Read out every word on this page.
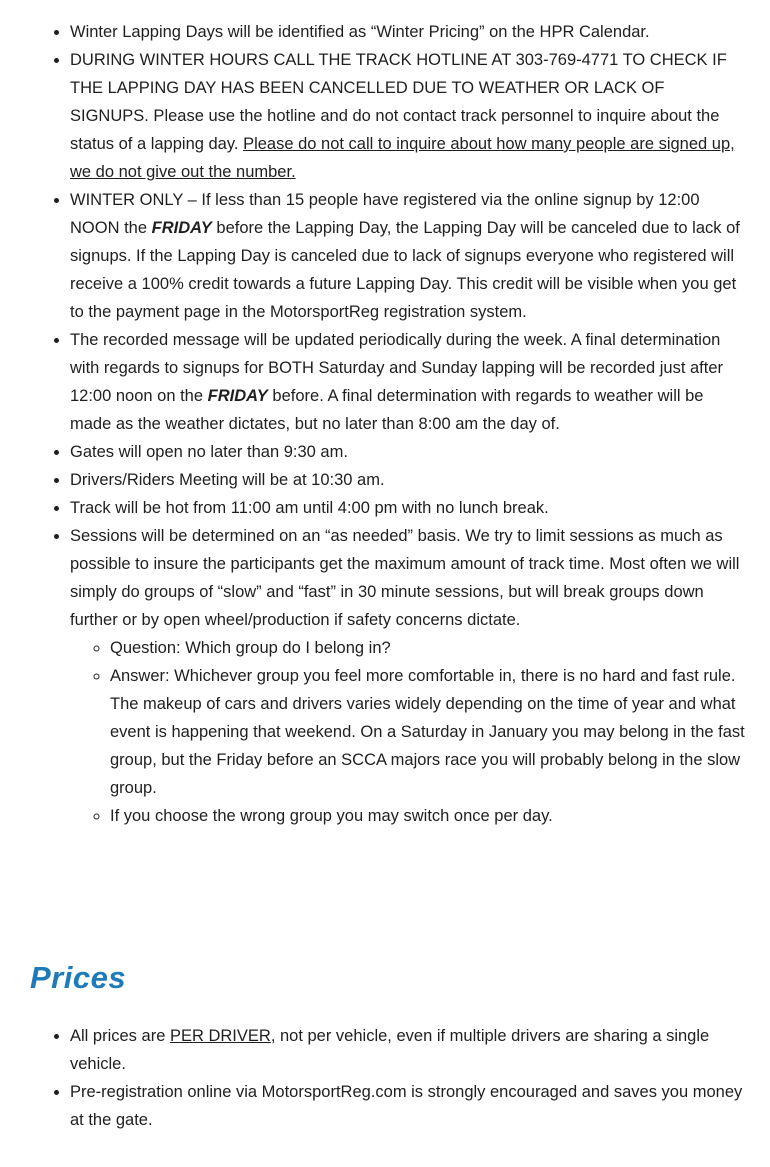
• Winter Lapping Days will be identified as “Winter Pricing” on the HPR Calendar.
• DURING WINTER HOURS CALL THE TRACK HOTLINE AT 303-769-4771 TO CHECK IF THE LAPPING DAY HAS BEEN CANCELLED DUE TO WEATHER OR LACK OF SIGNUPS. Please use the hotline and do not contact track personnel to inquire about the status of a lapping day. Please do not call to inquire about how many people are signed up, we do not give out the number.
• WINTER ONLY – If less than 15 people have registered via the online signup by 12:00 NOON the FRIDAY before the Lapping Day, the Lapping Day will be canceled due to lack of signups. If the Lapping Day is canceled due to lack of signups everyone who registered will receive a 100% credit towards a future Lapping Day. This credit will be visible when you get to the payment page in the MotorsportReg registration system.
• The recorded message will be updated periodically during the week. A final determination with regards to signups for BOTH Saturday and Sunday lapping will be recorded just after 12:00 noon on the FRIDAY before. A final determination with regards to weather will be made as the weather dictates, but no later than 8:00 am the day of.
• Gates will open no later than 9:30 am.
• Drivers/Riders Meeting will be at 10:30 am.
• Track will be hot from 11:00 am until 4:00 pm with no lunch break.
• Sessions will be determined on an “as needed” basis. We try to limit sessions as much as possible to insure the participants get the maximum amount of track time. Most often we will simply do groups of “slow” and “fast” in 30 minute sessions, but will break groups down further or by open wheel/production if safety concerns dictate.
◦ Question: Which group do I belong in?
◦ Answer: Whichever group you feel more comfortable in, there is no hard and fast rule. The makeup of cars and drivers varies widely depending on the time of year and what event is happening that weekend. On a Saturday in January you may belong in the fast group, but the Friday before an SCCA majors race you will probably belong in the slow group.
◦ If you choose the wrong group you may switch once per day.
Prices
• All prices are PER DRIVER, not per vehicle, even if multiple drivers are sharing a single vehicle.
• Pre-registration online via MotorsportReg.com is strongly encouraged and saves you money at the gate.
